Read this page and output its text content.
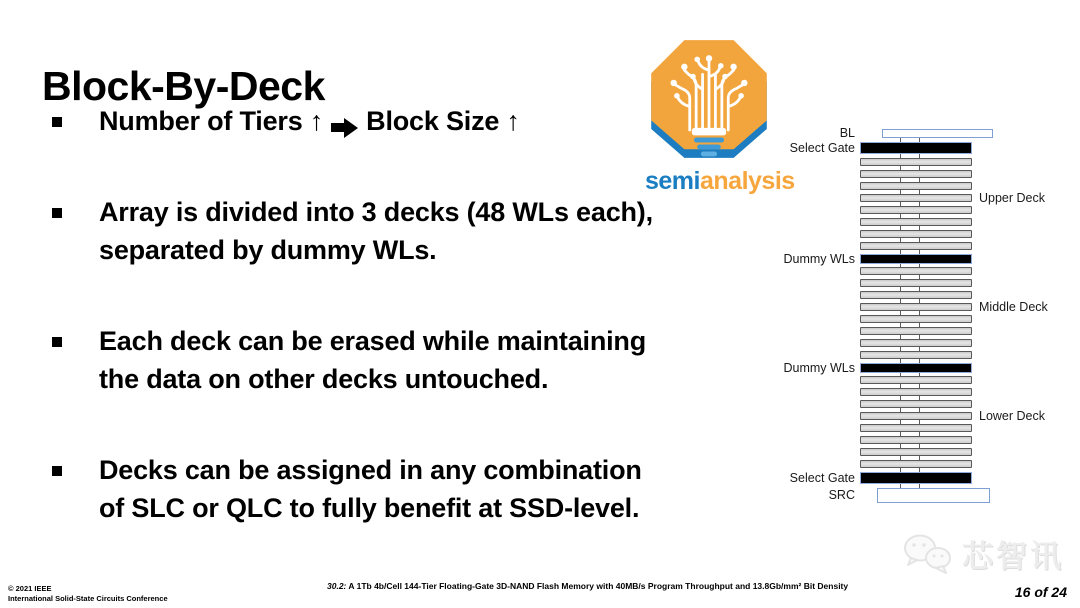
Block-By-Deck
Number of Tiers ↑ Block Size ↑
Array is divided into 3 decks (48 WLs each),
separated by dummy WLs.
Each deck can be erased while maintaining
the data on other decks untouched.
Decks can be assigned in any combination
of SLC or QLC to fully benefit at SSD-level.
semianalysis
BL
Select Gate
Upper Deck
Dummy WLs
Middle Deck
Dummy WLs
Lower Deck
Select Gate
SRC
© 2021 IEEE
International Solid-State Circuits Conference
30.2: A 1Tb 4b/Cell 144-Tier Floating-Gate 3D-NAND Flash Memory with 40MB/s Program Throughput and 13.8Gb/mm² Bit Density	16 of 24
芯智讯
